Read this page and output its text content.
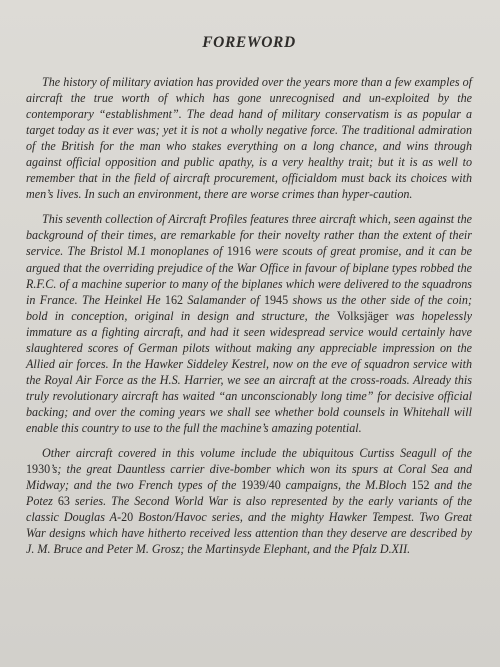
FOREWORD

The history of military aviation has provided over the years more than a few examples of aircraft the true worth of which has gone unrecognised and un-exploited by the contemporary “establishment”. The dead hand of military conservatism is as popular a target today as it ever was; yet it is not a wholly negative force. The traditional admiration of the British for the man who stakes everything on a long chance, and wins through against official opposition and public apathy, is a very healthy trait; but it is as well to remember that in the field of aircraft procurement, officialdom must back its choices with men’s lives. In such an environment, there are worse crimes than hyper-caution.

This seventh collection of Aircraft Profiles features three aircraft which, seen against the background of their times, are remarkable for their novelty rather than the extent of their service. The Bristol M.1 monoplanes of 1916 were scouts of great promise, and it can be argued that the overriding prejudice of the War Office in favour of biplane types robbed the R.F.C. of a machine superior to many of the biplanes which were delivered to the squadrons in France. The Heinkel He 162 Salamander of 1945 shows us the other side of the coin; bold in conception, original in design and structure, the Volksjäger was hopelessly immature as a fighting aircraft, and had it seen widespread service would certainly have slaughtered scores of German pilots without making any appreciable impression on the Allied air forces. In the Hawker Siddeley Kestrel, now on the eve of squadron service with the Royal Air Force as the H.S. Harrier, we see an aircraft at the cross-roads. Already this truly revolutionary aircraft has waited “an unconscionably long time” for decisive official backing; and over the coming years we shall see whether bold counsels in Whitehall will enable this country to use to the full the machine’s amazing potential.

Other aircraft covered in this volume include the ubiquitous Curtiss Seagull of the 1930’s; the great Dauntless carrier dive-bomber which won its spurs at Coral Sea and Midway; and the two French types of the 1939/40 campaigns, the M.Bloch 152 and the Potez 63 series. The Second World War is also represented by the early variants of the classic Douglas A-20 Boston/Havoc series, and the mighty Hawker Tempest. Two Great War designs which have hitherto received less attention than they deserve are described by J. M. Bruce and Peter M. Grosz; the Martinsyde Elephant, and the Pfalz D.XII.
